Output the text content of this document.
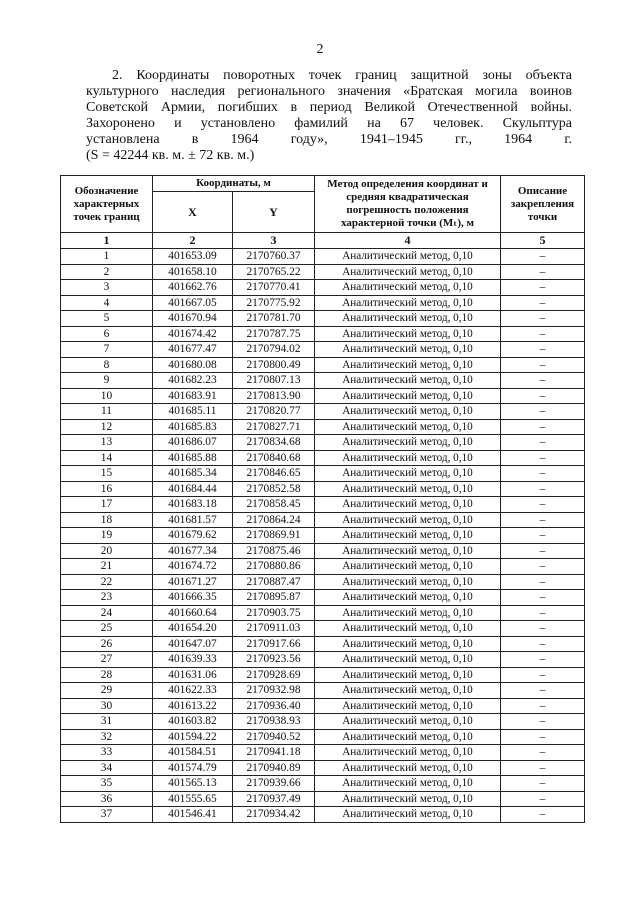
2
2. Координаты поворотных точек границ защитной зоны объекта
культурного наследия регионального значения «Братская могила воинов
Советской Армии, погибших в период Великой Отечественной войны.
Захоронено и установлено фамилий на 67 человек. Скульптура
установлена в 1964 году», 1941–1945 гг., 1964 г.
(S = 42244 кв. м. ± 72 кв. м.)
Обозначение характерных точек границ	Координаты, м		Метод определения координат и средняя квадратическая погрешность положения характерной точки (Mₜ), м	Описание закрепления точки
	X	Y		
1	2	3	4	5
1	401653.09	2170760.37	Аналитический метод, 0,10	–
2	401658.10	2170765.22	Аналитический метод, 0,10	–
3	401662.76	2170770.41	Аналитический метод, 0,10	–
4	401667.05	2170775.92	Аналитический метод, 0,10	–
5	401670.94	2170781.70	Аналитический метод, 0,10	–
6	401674.42	2170787.75	Аналитический метод, 0,10	–
7	401677.47	2170794.02	Аналитический метод, 0,10	–
8	401680.08	2170800.49	Аналитический метод, 0,10	–
9	401682.23	2170807.13	Аналитический метод, 0,10	–
10	401683.91	2170813.90	Аналитический метод, 0,10	–
11	401685.11	2170820.77	Аналитический метод, 0,10	–
12	401685.83	2170827.71	Аналитический метод, 0,10	–
13	401686.07	2170834.68	Аналитический метод, 0,10	–
14	401685.88	2170840.68	Аналитический метод, 0,10	–
15	401685.34	2170846.65	Аналитический метод, 0,10	–
16	401684.44	2170852.58	Аналитический метод, 0,10	–
17	401683.18	2170858.45	Аналитический метод, 0,10	–
18	401681.57	2170864.24	Аналитический метод, 0,10	–
19	401679.62	2170869.91	Аналитический метод, 0,10	–
20	401677.34	2170875.46	Аналитический метод, 0,10	–
21	401674.72	2170880.86	Аналитический метод, 0,10	–
22	401671.27	2170887.47	Аналитический метод, 0,10	–
23	401666.35	2170895.87	Аналитический метод, 0,10	–
24	401660.64	2170903.75	Аналитический метод, 0,10	–
25	401654.20	2170911.03	Аналитический метод, 0,10	–
26	401647.07	2170917.66	Аналитический метод, 0,10	–
27	401639.33	2170923.56	Аналитический метод, 0,10	–
28	401631.06	2170928.69	Аналитический метод, 0,10	–
29	401622.33	2170932.98	Аналитический метод, 0,10	–
30	401613.22	2170936.40	Аналитический метод, 0,10	–
31	401603.82	2170938.93	Аналитический метод, 0,10	–
32	401594.22	2170940.52	Аналитический метод, 0,10	–
33	401584.51	2170941.18	Аналитический метод, 0,10	–
34	401574.79	2170940.89	Аналитический метод, 0,10	–
35	401565.13	2170939.66	Аналитический метод, 0,10	–
36	401555.65	2170937.49	Аналитический метод, 0,10	–
37	401546.41	2170934.42	Аналитический метод, 0,10	–
